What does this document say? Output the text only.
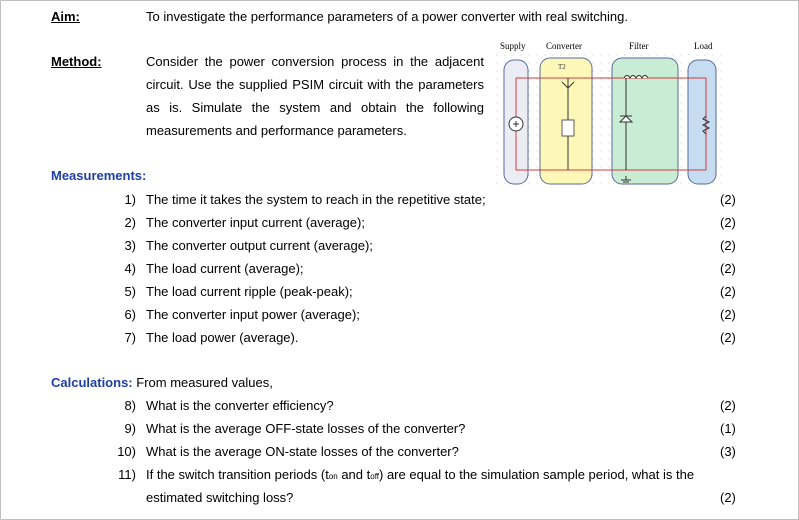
Aim:	To investigate the performance parameters of a power converter with real switching.
Method:	Consider the power conversion process in the adjacent
circuit. Use the supplied PSIM circuit with the parameters
as is. Simulate the system and obtain the following
measurements and performance parameters.
Supply Converter	Filter	Load
T2
Measurements:
1) The time it takes the system to reach in the repetitive state;	(2)
2) The converter input current (average);	(2)
3) The converter output current (average);	(2)
4) The load current (average);	(2)
5) The load current ripple (peak-peak);	(2)
6) The converter input power (average);	(2)
7) The load power (average).	(2)
Calculations: From measured values,
8) What is the converter efficiency?	(2)
9) What is the average OFF-state losses of the converter?	(1)
10) What is the average ON-state losses of the converter?	(3)
11) If the switch transition periods (ton and toff) are equal to the simulation sample period, what is the
estimated switching loss?	(2)
